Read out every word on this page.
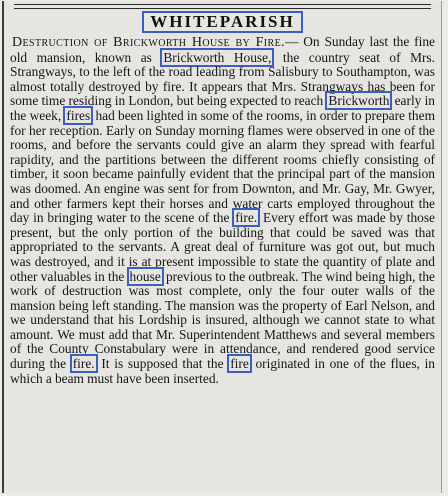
WHITEPARISH
Destruction of Brickworth House by Fire.— On Sunday last the fine old mansion, known as Brickworth House, the country seat of Mrs. Strangways, to the left of the road leading from Salisbury to Southampton, was almost totally destroyed by fire. It appears that Mrs. Strangways has been for some time residing in London, but being expected to reach Brickworth early in the week, fires had been lighted in some of the rooms, in order to prepare them for her reception. Early on Sunday morning flames were observed in one of the rooms, and before the servants could give an alarm they spread with fearful rapidity, and the partitions between the different rooms chiefly consisting of timber, it soon became painfully evident that the principal part of the mansion was doomed. An engine was sent for from Downton, and Mr. Gay, Mr. Gwyer, and other farmers kept their horses and water carts employed throughout the day in bringing water to the scene of the fire. Every effort was made by those present, but the only portion of the building that could be saved was that appropriated to the servants. A great deal of furniture was got out, but much was destroyed, and it is at present impossible to state the quantity of plate and other valuables in the house previous to the outbreak. The wind being high, the work of destruction was most complete, only the four outer walls of the mansion being left standing. The mansion was the property of Earl Nelson, and we understand that his Lordship is insured, although we cannot state to what amount. We must add that Mr. Superintendent Matthews and several members of the County Constabulary were in attendance, and rendered good service during the fire. It is supposed that the fire originated in one of the flues, in which a beam must have been inserted.
